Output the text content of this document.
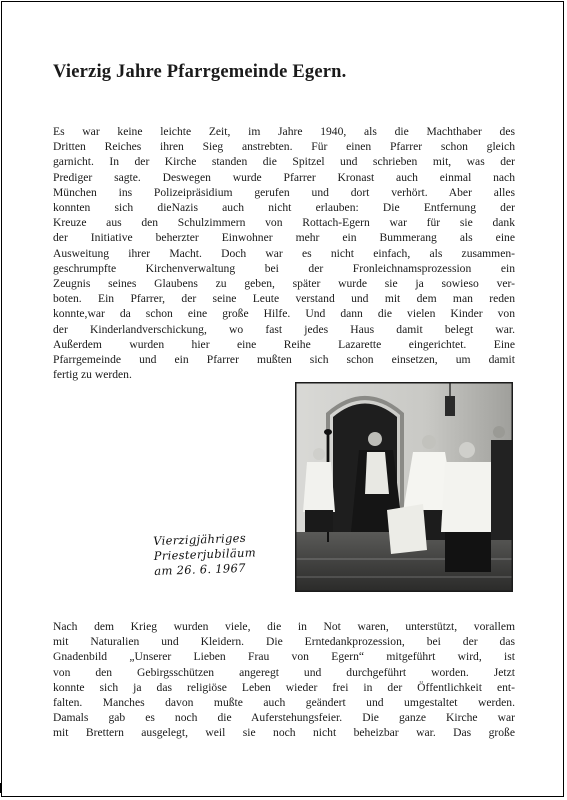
Vierzig Jahre Pfarrgemeinde Egern.
Es war keine leichte Zeit, im Jahre 1940, als die Machthaber des
Dritten Reiches ihren Sieg anstrebten. Für einen Pfarrer schon gleich
garnicht. In der Kirche standen die Spitzel und schrieben mit, was der
Prediger sagte. Deswegen wurde Pfarrer Kronast auch einmal nach
München ins Polizeipräsidium gerufen und dort verhört. Aber alles
konnten sich dieNazis auch nicht erlauben: Die Entfernung der
Kreuze aus den Schulzimmern von Rottach-Egern war für sie dank
der Initiative beherzter Einwohner mehr ein Bummerang als eine
Ausweitung ihrer Macht. Doch war es nicht einfach, als zusammen-
geschrumpfte Kirchenverwaltung bei der Fronleichnamsprozession ein
Zeugnis seines Glaubens zu geben, später wurde sie ja sowieso ver-
boten. Ein Pfarrer, der seine Leute verstand und mit dem man reden
konnte,war da schon eine große Hilfe. Und dann die vielen Kinder von
der Kinderlandverschickung, wo fast jedes Haus damit belegt war.
Außerdem wurden hier eine Reihe Lazarette eingerichtet. Eine
Pfarrgemeinde und ein Pfarrer mußten sich schon einsetzen, um damit
fertig zu werden.
Vierzigjähriges
Priesterjubiläum
am 26. 6. 1967
Nach dem Krieg wurden viele, die in Not waren, unterstützt, vorallem
mit Naturalien und Kleidern. Die Erntedankprozession, bei der das
Gnadenbild „Unserer Lieben Frau von Egern“ mitgeführt wird, ist
von den Gebirgsschützen angeregt und durchgeführt worden. Jetzt
konnte sich ja das religiöse Leben wieder frei in der Öffentlichkeit ent-
falten. Manches davon mußte auch geändert und umgestaltet werden.
Damals gab es noch die Auferstehungsfeier. Die ganze Kirche war
mit Brettern ausgelegt, weil sie noch nicht beheizbar war. Das große
